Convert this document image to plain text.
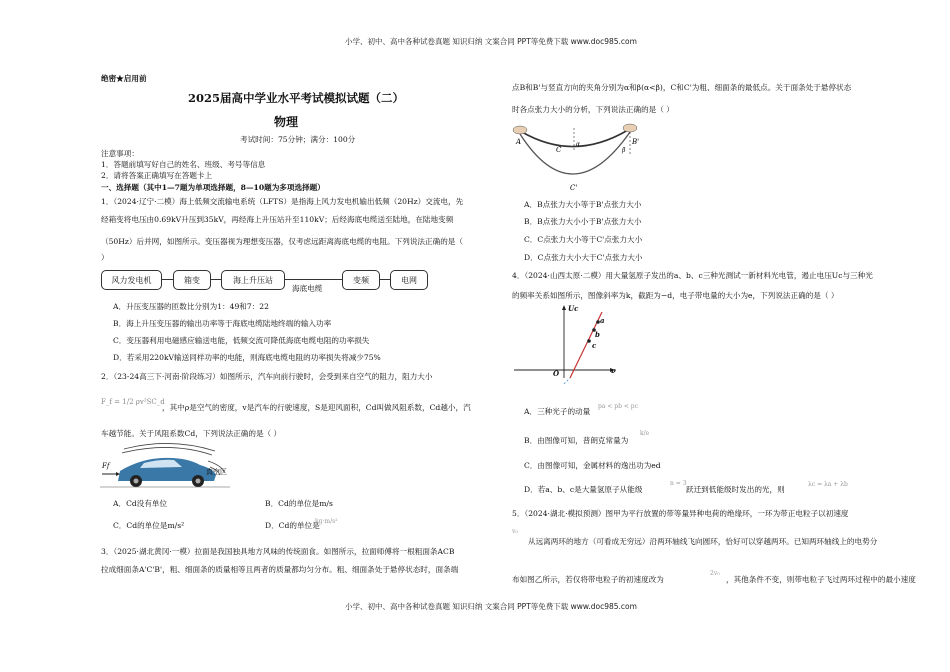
小学、初中、高中各种试卷真题 知识归纳 文案合同 PPT等免费下载 www.doc985.com
小学、初中、高中各种试卷真题 知识归纳 文案合同 PPT等免费下载 www.doc985.com
绝密★启用前
2025届高中学业水平考试模拟试题（二）
物理
考试时间：75分钟；满分：100分
注意事项：
1．答题前填写好自己的姓名、班级、考号等信息
2．请将答案正确填写在答题卡上
一、选择题（其中1—7题为单项选择题，8—10题为多项选择题）
1．（2024·辽宁·二模）海上低频交流输电系统（LFTS）是指海上风力发电机输出低频（20Hz）交流电，先
经箱变将电压由0.69kV升压到35kV，再经海上升压站升至110kV；后经海底电缆送至陆地，在陆地变频
（50Hz）后并网，如图所示。变压器视为理想变压器，仅考虑远距离海底电缆的电阻。下列说法正确的是（
）
风力发电机	箱变	海上升压站
海底电缆
变频	电网
A．升压变压器的匝数比分别为1：49和7：22
B．海上升压变压器的输出功率等于海底电缆陆地终端的输入功率
C．变压器利用电磁感应输送电能，低频交流可降低海底电缆电阻的功率损失
D．若采用220kV输送同样功率的电能，则海底电缆电阻的功率损失将减少75%
2．（23-24高三下·河南·阶段练习）如图所示，汽车向前行驶时，会受到来自空气的阻力，阻力大小
F_f = 1/2 ρv²SC_d
，其中ρ是空气的密度，v是汽车的行驶速度，S是迎风面积，Cd叫做风阻系数，Cd越小，汽
车越节能。关于风阻系数Cd，下列说法正确的是（ ）
Ff
真空区
A．Cd没有单位	B．Cd的单位是m/s
C．Cd的单位是m/s²	D．Cd的单位是
kg·m/s²
3．（2025·湖北黄冈·一模）拉面是我国独具地方风味的传统面食。如图所示，拉面师傅将一根粗面条ACB
拉成细面条A'C'B'，粗、细面条的质量相等且两者的质量都均匀分布。粗、细面条处于悬停状态时，面条端
点B和B'与竖直方向的夹角分别为α和β(α<β)，C和C'为粗、细面条的最低点。关于面条处于悬停状态
时各点张力大小的分析，下列说法正确的是（ ）
A
C
α	B'
β
C'
A．B点张力大小等于B'点张力大小
B．B点张力大小小于B'点张力大小
C．C点张力大小等于C'点张力大小
D．C点张力大小大于C'点张力大小
4．（2024·山西太原·二模）用大量氢原子发出的a、b、c三种光测试一新材料光电管，遏止电压Uc与三种光
的频率关系如图所示，图像斜率为k，截距为−d，电子带电量的大小为e，下列说法正确的是（ ）
Uc
ν
O
a
b
c
A．三种光子的动量
pa < pb < pc
B．由图像可知，普朗克常量为
k/e
C．由图像可知，金属材料的逸出功为ed
D．若a、b、c是大量氢原子从能级
n = 3
跃迁到低能级时发出的光，则
λc = λa + λb
5．（2024·湖北·模拟预测）图甲为平行放置的带等量异种电荷的绝缘环，一环为带正电粒子以初速度
v₀
从远离两环的地方（可看成无穷远）沿两环轴线飞向圆环，恰好可以穿越两环。已知两环轴线上的电势分
布如图乙所示，若仅将带电粒子的初速度改为
2v₀
，其他条件不变，则带电粒子飞过两环过程中的最小速度
